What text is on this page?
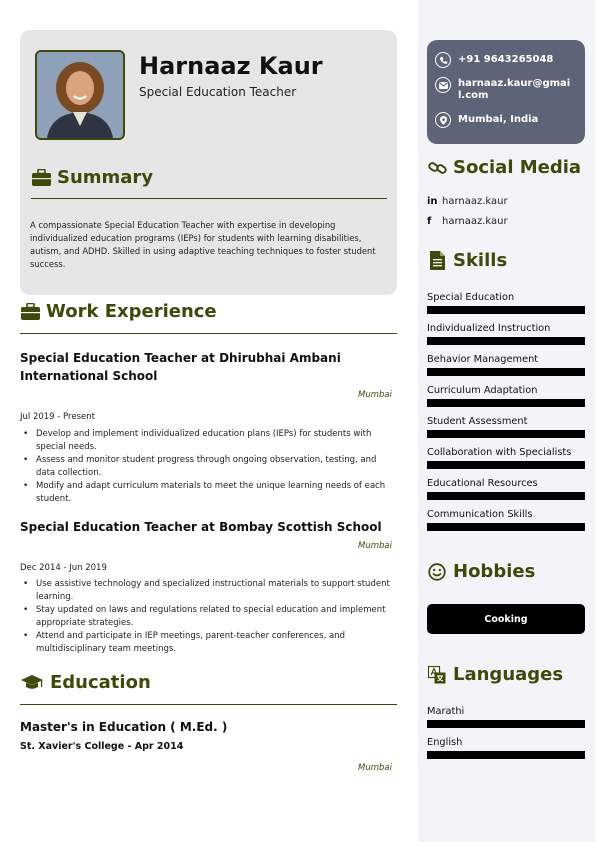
Harnaaz Kaur
Special Education Teacher
Summary
A compassionate Special Education Teacher with expertise in developing individualized education programs (IEPs) for students with learning disabilities, autism, and ADHD. Skilled in using adaptive teaching techniques to foster student success.
Work Experience
Special Education Teacher at Dhirubhai Ambani International School
Mumbai
Jul 2019 - Present
• Develop and implement individualized education plans (IEPs) for students with special needs.
• Assess and monitor student progress through ongoing observation, testing, and data collection.
• Modify and adapt curriculum materials to meet the unique learning needs of each student.
Special Education Teacher at Bombay Scottish School
Mumbai
Dec 2014 - Jun 2019
• Use assistive technology and specialized instructional materials to support student learning.
• Stay updated on laws and regulations related to special education and implement appropriate strategies.
• Attend and participate in IEP meetings, parent-teacher conferences, and multidisciplinary team meetings.
Education
Master's in Education ( M.Ed. )
St. Xavier's College - Apr 2014
Mumbai
+91 9643265048
harnaaz.kaur@gmail.com
Mumbai, India
Social Media
in harnaaz.kaur
f	harnaaz.kaur
Skills
Special Education
Individualized Instruction
Behavior Management
Curriculum Adaptation
Student Assessment
Collaboration with Specialists
Educational Resources
Communication Skills
Hobbies
Cooking
Languages
Marathi
English
